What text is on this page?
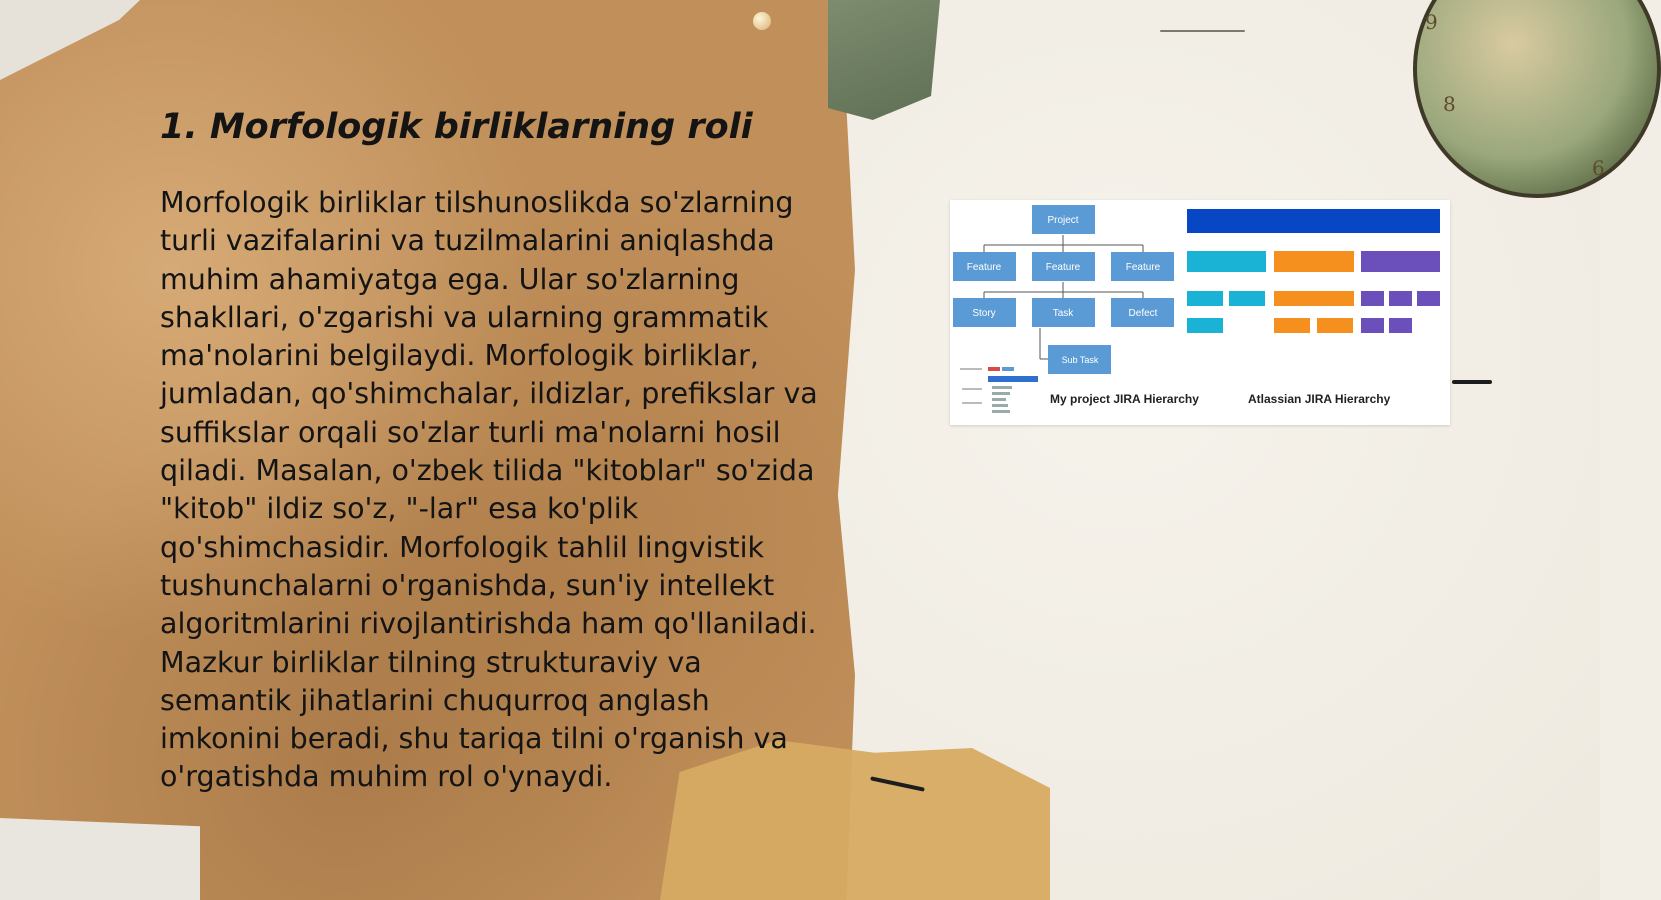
9
8
6
1. Morfologik birliklarning roli

Morfologik birliklar tilshunoslikda so'zlarning turli vazifalarini va tuzilmalarini aniqlashda muhim ahamiyatga ega. Ular so'zlarning shakllari, o'zgarishi va ularning grammatik ma'nolarini belgilaydi. Morfologik birliklar, jumladan, qo'shimchalar, ildizlar, prefikslar va suffikslar orqali so'zlar turli ma'nolarni hosil qiladi. Masalan, o'zbek tilida "kitoblar" so'zida "kitob" ildiz so'z, "-lar" esa ko'plik qo'shimchasidir. Morfologik tahlil lingvistik tushunchalarni o'rganishda, sun'iy intellekt algoritmlarini rivojlantirishda ham qo'llaniladi. Mazkur birliklar tilning strukturaviy va semantik jihatlarini chuqurroq anglash imkonini beradi, shu tariqa tilni o'rganish va o'rgatishda muhim rol o'ynaydi.

Project
Feature	Feature	Feature
Story	Task	Defect
Sub Task
My project JIRA Hierarchy	Atlassian JIRA Hierarchy
